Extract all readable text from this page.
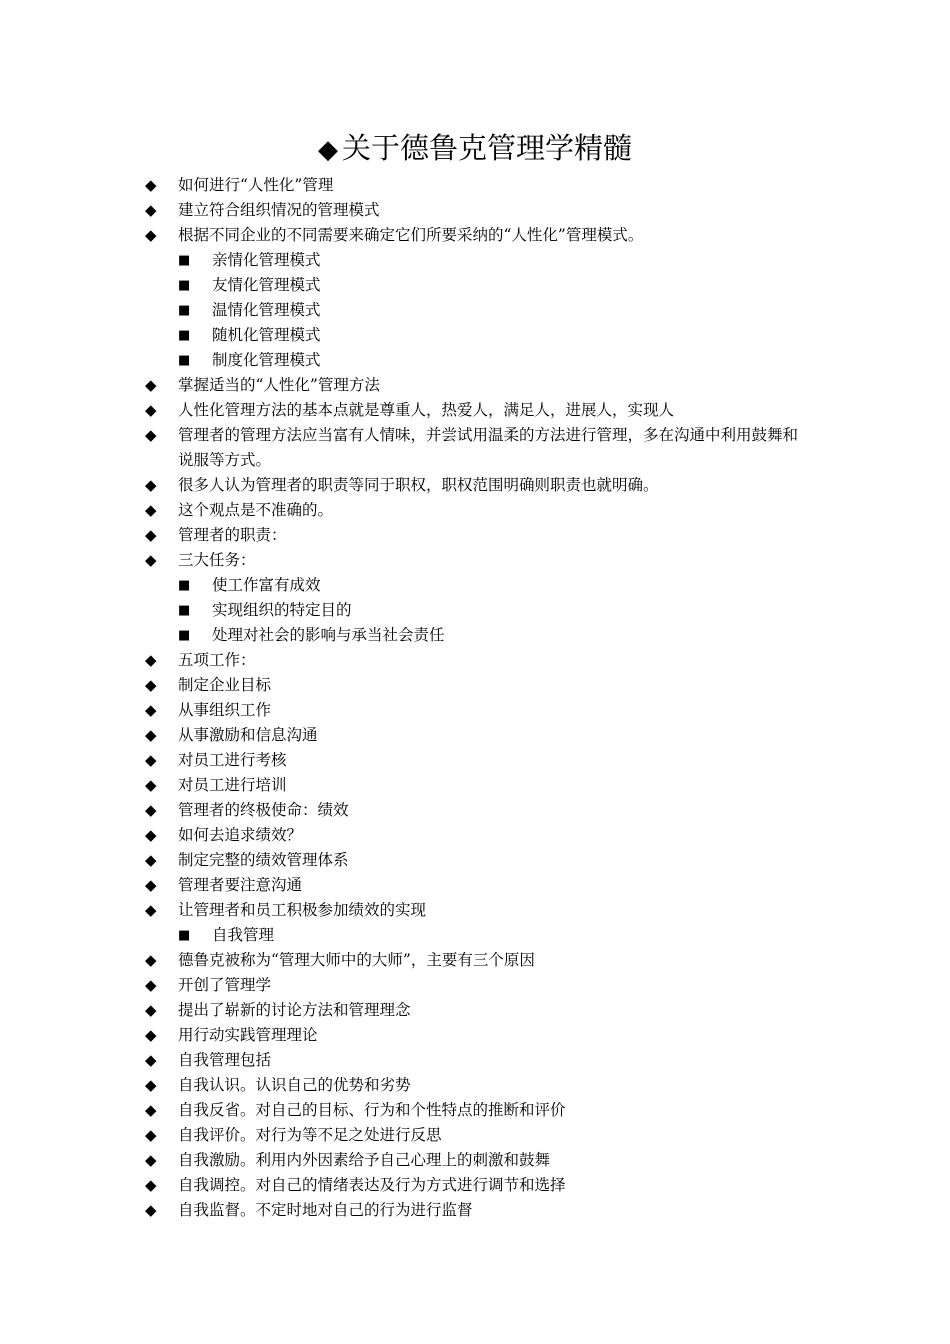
◆ 关于德鲁克管理学精髓
◆	如何进行“人性化”管理
◆	建立符合组织情况的管理模式
◆	根据不同企业的不同需要来确定它们所要采纳的“人性化”管理模式。
■	亲情化管理模式
■	友情化管理模式
■	温情化管理模式
■	随机化管理模式
■	制度化管理模式
◆	掌握适当的“人性化”管理方法
◆	人性化管理方法的基本点就是尊重人，热爱人，满足人，进展人，实现人
◆	管理者的管理方法应当富有人情味，并尝试用温柔的方法进行管理，多在沟通中利用鼓舞和说服等方式。
◆	很多人认为管理者的职责等同于职权，职权范围明确则职责也就明确。
◆	这个观点是不准确的。
◆	管理者的职责：
◆	三大任务：
■	使工作富有成效
■	实现组织的特定目的
■	处理对社会的影响与承当社会责任
◆	五项工作：
◆	制定企业目标
◆	从事组织工作
◆	从事激励和信息沟通
◆	对员工进行考核
◆	对员工进行培训
◆	管理者的终极使命：绩效
◆	如何去追求绩效？
◆	制定完整的绩效管理体系
◆	管理者要注意沟通
◆	让管理者和员工积极参加绩效的实现
■	自我管理
◆	德鲁克被称为“管理大师中的大师”，主要有三个原因
◆	开创了管理学
◆	提出了崭新的讨论方法和管理理念
◆	用行动实践管理理论
◆	自我管理包括
◆	自我认识。认识自己的优势和劣势
◆	自我反省。对自己的目标、行为和个性特点的推断和评价
◆	自我评价。对行为等不足之处进行反思
◆	自我激励。利用内外因素给予自己心理上的刺激和鼓舞
◆	自我调控。对自己的情绪表达及行为方式进行调节和选择
◆	自我监督。不定时地对自己的行为进行监督
